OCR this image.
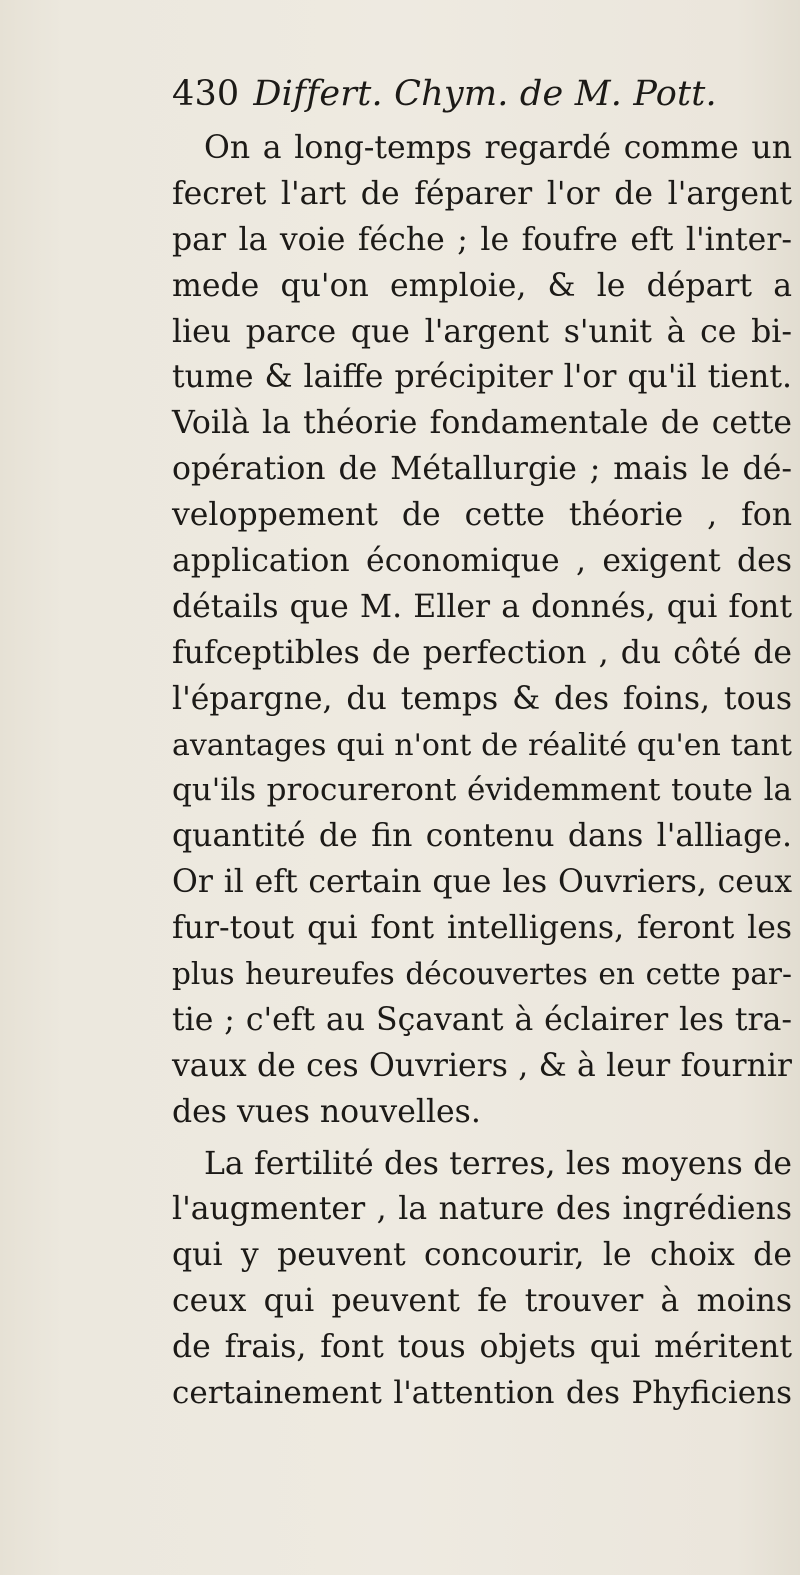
430 Differt. Chym. de M. Pott.
On a long-temps regardé comme un
fecret l'art de féparer l'or de l'argent
par la voie féche ; le foufre eft l'inter-
mede qu'on emploie, & le départ a
lieu parce que l'argent s'unit à ce bi-
tume & laiffe précipiter l'or qu'il tient.
Voilà la théorie fondamentale de cette
opération de Métallurgie ; mais le dé-
veloppement de cette théorie , fon
application économique , exigent des
détails que M. Eller a donnés, qui font
fufceptibles de perfection , du côté de
l'épargne, du temps & des foins, tous
avantages qui n'ont de réalité qu'en tant
qu'ils procureront évidemment toute la
quantité de fin contenu dans l'alliage.
Or il eft certain que les Ouvriers, ceux
fur-tout qui font intelligens, feront les
plus heureufes découvertes en cette par-
tie ; c'eft au Sçavant à éclairer les tra-
vaux de ces Ouvriers , & à leur fournir
des vues nouvelles.
La fertilité des terres, les moyens de
l'augmenter , la nature des ingrédiens
qui y peuvent concourir, le choix de
ceux qui peuvent fe trouver à moins
de frais, font tous objets qui méritent
certainement l'attention des Phyficiens
